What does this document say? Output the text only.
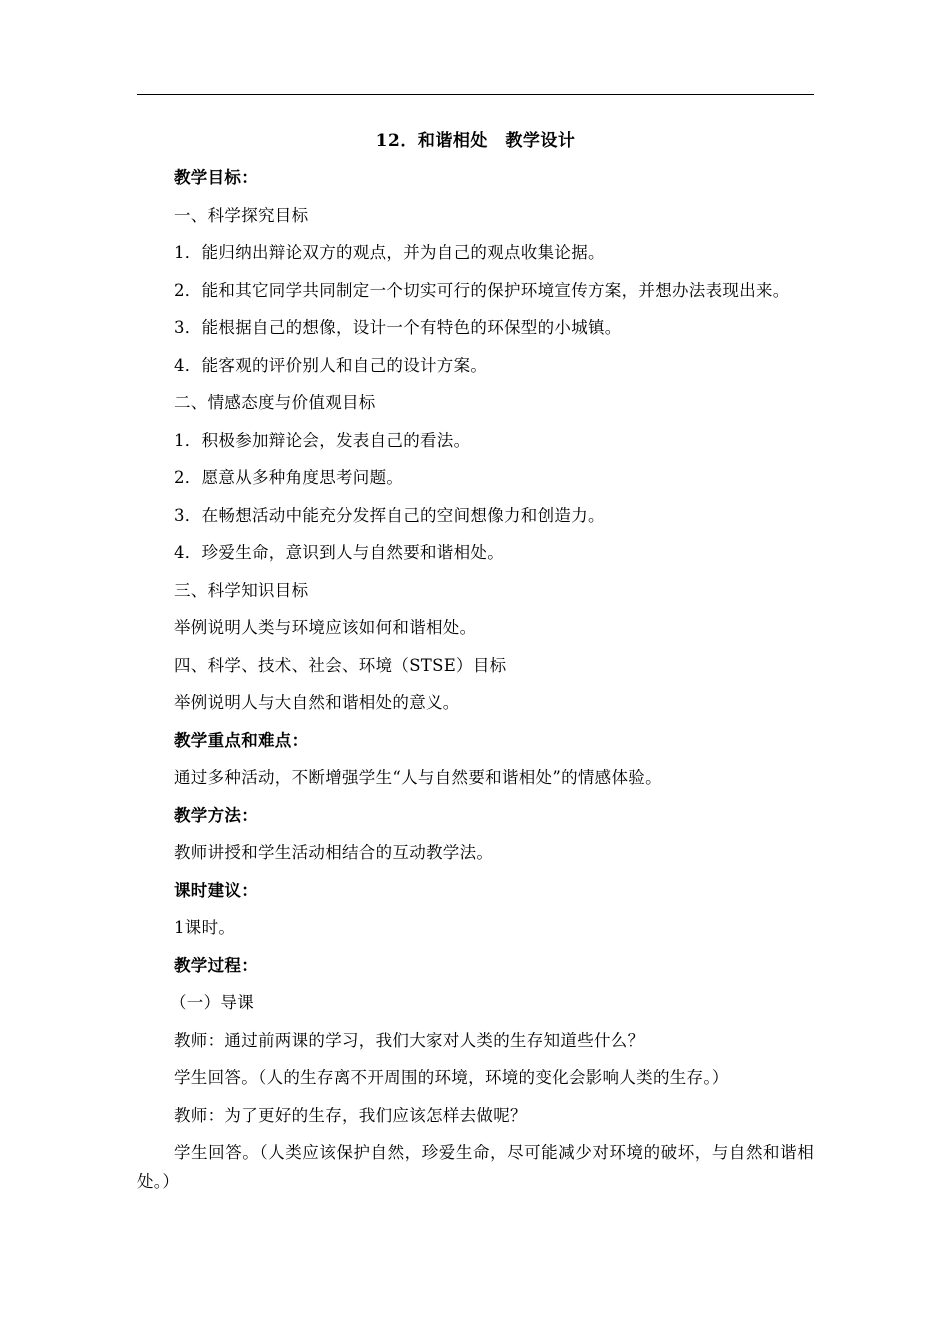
12．和谐相处　教学设计

教学目标：

一、科学探究目标

1．能归纳出辩论双方的观点，并为自己的观点收集论据。

2．能和其它同学共同制定一个切实可行的保护环境宣传方案，并想办法表现出来。

3．能根据自己的想像，设计一个有特色的环保型的小城镇。

4．能客观的评价别人和自己的设计方案。

二、情感态度与价值观目标

1．积极参加辩论会，发表自己的看法。

2．愿意从多种角度思考问题。

3．在畅想活动中能充分发挥自己的空间想像力和创造力。

4．珍爱生命，意识到人与自然要和谐相处。

三、科学知识目标

举例说明人类与环境应该如何和谐相处。

四、科学、技术、社会、环境（STSE）目标

举例说明人与大自然和谐相处的意义。

教学重点和难点：

通过多种活动，不断增强学生“人与自然要和谐相处”的情感体验。

教学方法：

教师讲授和学生活动相结合的互动教学法。

课时建议：

1课时。

教学过程：

（一）导课

教师：通过前两课的学习，我们大家对人类的生存知道些什么？

学生回答。（人的生存离不开周围的环境，环境的变化会影响人类的生存。）

教师：为了更好的生存，我们应该怎样去做呢？

学生回答。（人类应该保护自然，珍爱生命，尽可能减少对环境的破坏，与自然和谐相处。）
